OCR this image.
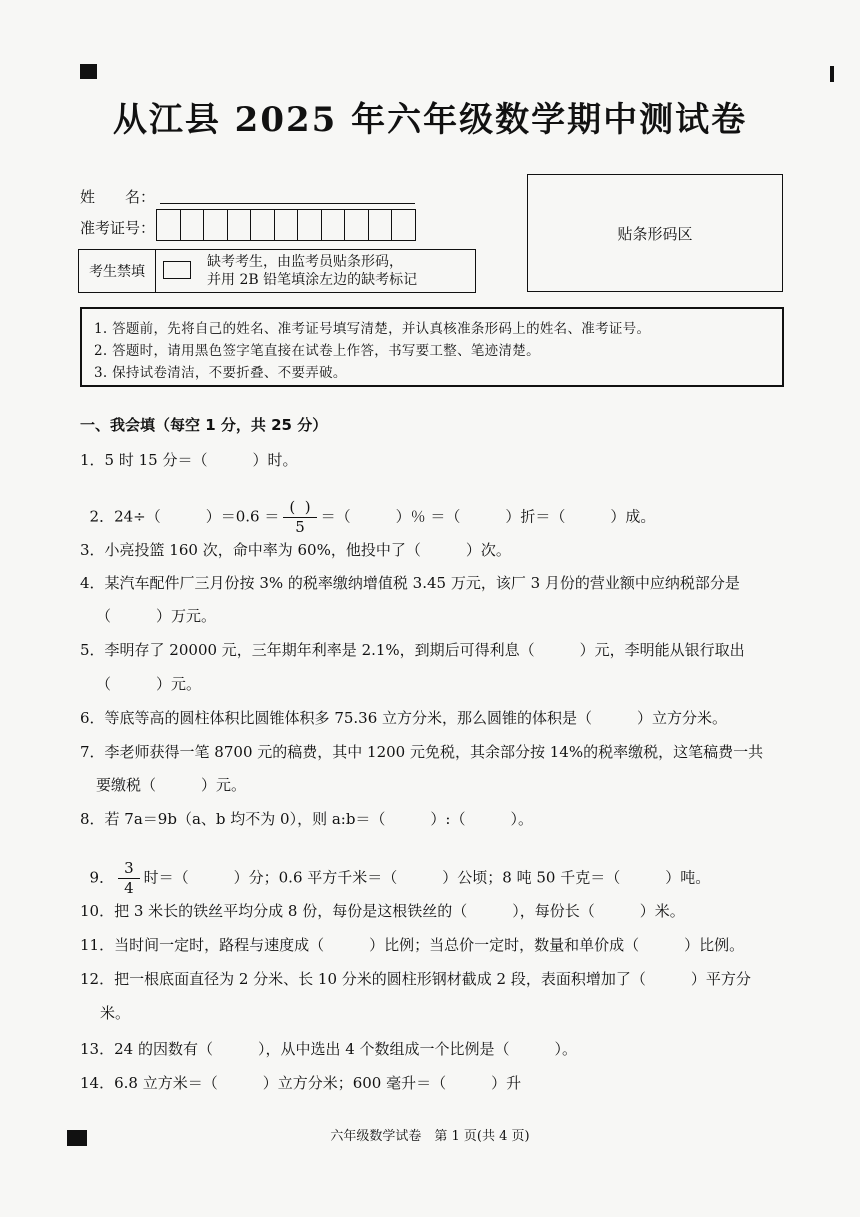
从江县 2025 年六年级数学期中测试卷
姓　　名：
准考证号：
考生禁填
缺考考生，由监考员贴条形码，
并用 2B 铅笔填涂左边的缺考标记
贴条形码区
1. 答题前，先将自己的姓名、准考证号填写清楚，并认真核准条形码上的姓名、准考证号。
2. 答题时，请用黑色签字笔直接在试卷上作答，书写要工整、笔迹清楚。
3. 保持试卷清洁，不要折叠、不要弄破。
一、我会填（每空 1 分，共 25 分）
1．5 时 15 分＝（　　　）时。

2．24÷（　　　）$=0.6 = \frac{( )}{5}$ ＝（　　　）％ ＝（　　　）折＝（　　　）成。

3．小亮投篮 160 次，命中率为 60%，他投中了（　　　）次。
4．某汽车配件厂三月份按 3% 的税率缴纳增值税 3.45 万元，该厂 3 月份的营业额中应纳税部分是
（　　　）万元。
5．李明存了 20000 元，三年期年利率是 2.1%，到期后可得利息（　　　）元，李明能从银行取出
（　　　）元。
6．等底等高的圆柱体积比圆锥体积多 75.36 立方分米，那么圆锥的体积是（　　　）立方分米。
7．李老师获得一笔 8700 元的稿费，其中 1200 元免税，其余部分按 14%的税率缴税，这笔稿费一共
要缴税（　　　）元。
8．若 7a＝9b（a、b 均不为 0），则 a:b＝（　　　）:（　　　）。

9． $\frac{3}{4}$ 时＝（　　　）分；0.6 平方千米＝（　　　）公顷；8 吨 50 千克＝（　　　）吨。

10．把 3 米长的铁丝平均分成 8 份，每份是这根铁丝的（　　　），每份长（　　　）米。
11．当时间一定时，路程与速度成（　　　）比例；当总价一定时，数量和单价成（　　　）比例。
12．把一根底面直径为 2 分米、长 10 分米的圆柱形钢材截成 2 段，表面积增加了（　　　）平方分
米。
13．24 的因数有（　　　），从中选出 4 个数组成一个比例是（　　　）。
14．6.8 立方米＝（　　　）立方分米；600 毫升＝（　　　）升
六年级数学试卷　第 1 页(共 4 页)
